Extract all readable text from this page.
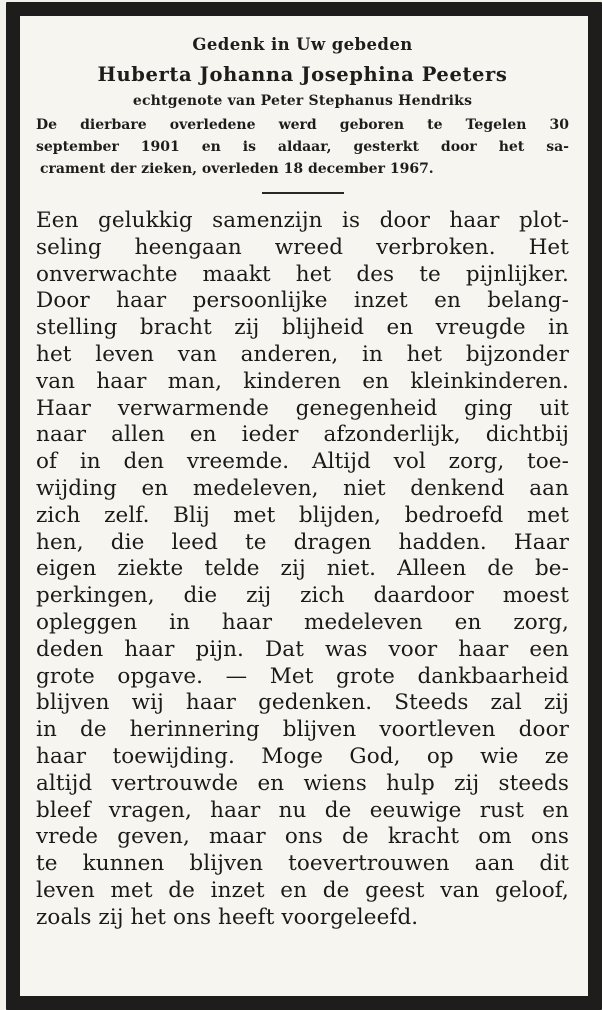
Gedenk in Uw gebeden

Huberta Johanna Josephina Peeters

echtgenote van Peter Stephanus Hendriks

De dierbare overledene werd geboren te Tegelen 30

september 1901 en is aldaar, gesterkt door het sa-

crament der zieken, overleden 18 december 1967.

Een gelukkig samenzijn is door haar plot-
seling heengaan wreed verbroken. Het
onverwachte maakt het des te pijnlijker.
Door haar persoonlijke inzet en belang-
stelling bracht zij blijheid en vreugde in
het leven van anderen, in het bijzonder
van haar man, kinderen en kleinkinderen.
Haar verwarmende genegenheid ging uit
naar allen en ieder afzonderlijk, dichtbij
of in den vreemde. Altijd vol zorg, toe-
wijding en medeleven, niet denkend aan
zich zelf. Blij met blijden, bedroefd met
hen, die leed te dragen hadden. Haar
eigen ziekte telde zij niet. Alleen de be-
perkingen, die zij zich daardoor moest
opleggen in haar medeleven en zorg,
deden haar pijn. Dat was voor haar een
grote opgave. — Met grote dankbaarheid
blijven wij haar gedenken. Steeds zal zij
in de herinnering blijven voortleven door
haar toewijding. Moge God, op wie ze
altijd vertrouwde en wiens hulp zij steeds
bleef vragen, haar nu de eeuwige rust en
vrede geven, maar ons de kracht om ons
te kunnen blijven toevertrouwen aan dit
leven met de inzet en de geest van geloof,
zoals zij het ons heeft voorgeleefd.
